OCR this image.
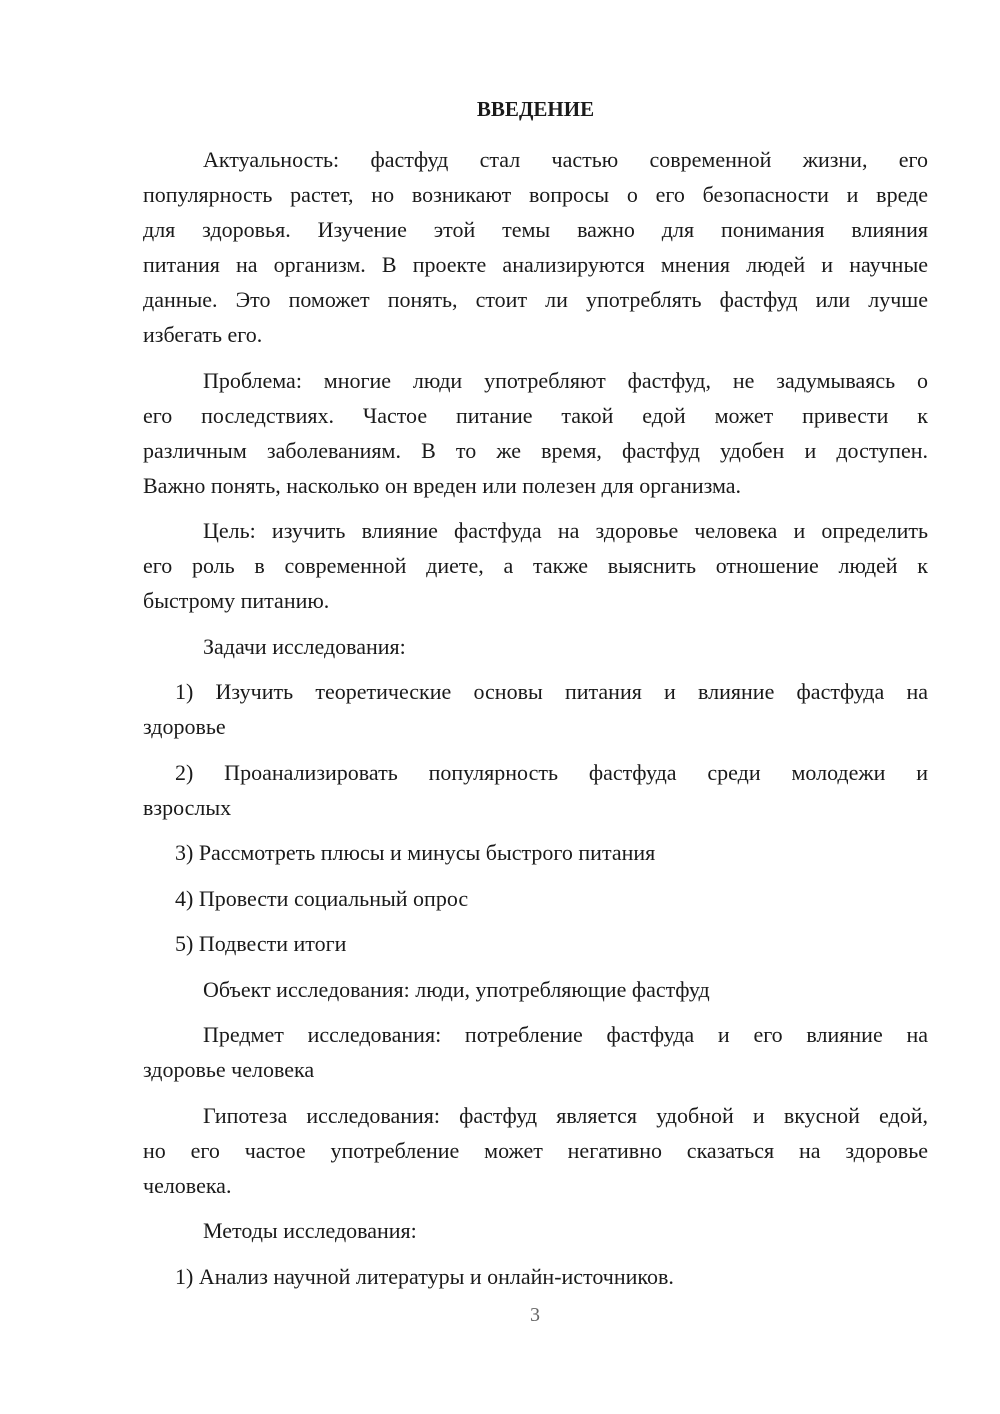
ВВЕДЕНИЕ
Актуальность: фастфуд стал частью современной жизни, его
популярность растет, но возникают вопросы о его безопасности и вреде
для здоровья. Изучение этой темы важно для понимания влияния
питания на организм. В проекте анализируются мнения людей и научные
данные. Это поможет понять, стоит ли употреблять фастфуд или лучше
избегать его.
Проблема: многие люди употребляют фастфуд, не задумываясь о
его последствиях. Частое питание такой едой может привести к
различным заболеваниям. В то же время, фастфуд удобен и доступен.
Важно понять, насколько он вреден или полезен для организма.
Цель: изучить влияние фастфуда на здоровье человека и определить
его роль в современной диете, а также выяснить отношение людей к
быстрому питанию.
Задачи исследования:
1) Изучить теоретические основы питания и влияние фастфуда на
здоровье
2) Проанализировать популярность фастфуда среди молодежи и
взрослых
3) Рассмотреть плюсы и минусы быстрого питания
4) Провести социальный опрос
5) Подвести итоги
Объект исследования: люди, употребляющие фастфуд
Предмет исследования: потребление фастфуда и его влияние на
здоровье человека
Гипотеза исследования: фастфуд является удобной и вкусной едой,
но его частое употребление может негативно сказаться на здоровье
человека.
Методы исследования:
1) Анализ научной литературы и онлайн-источников.
3
